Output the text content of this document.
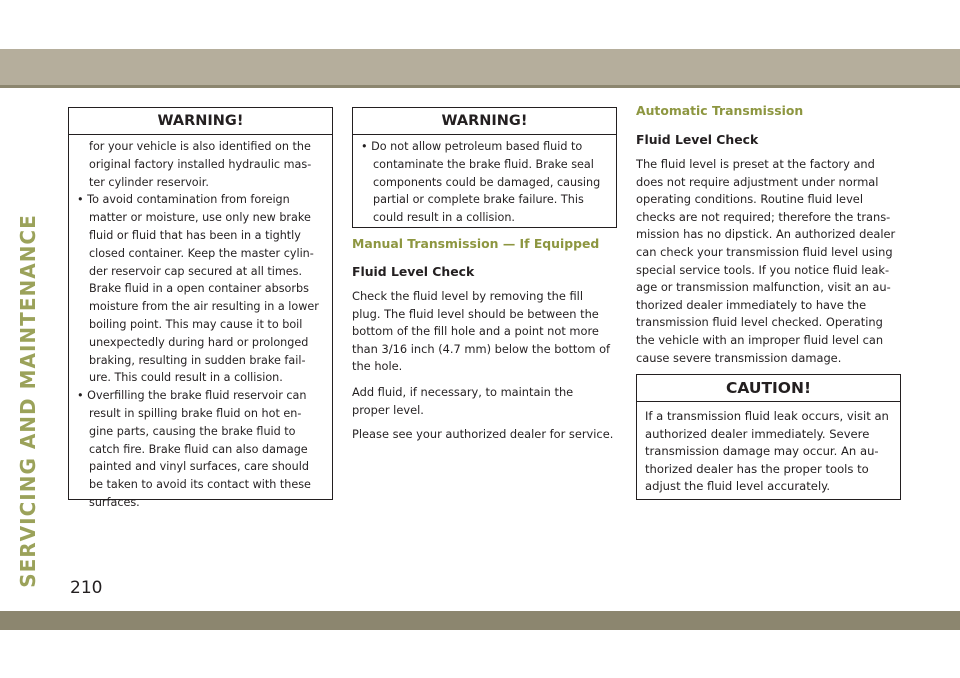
SERVICING AND MAINTENANCE
WARNING!
for your vehicle is also identified on the
original factory installed hydraulic mas-
ter cylinder reservoir.
• To avoid contamination from foreign
matter or moisture, use only new brake
fluid or fluid that has been in a tightly
closed container. Keep the master cylin-
der reservoir cap secured at all times.
Brake fluid in a open container absorbs
moisture from the air resulting in a lower
boiling point. This may cause it to boil
unexpectedly during hard or prolonged
braking, resulting in sudden brake fail-
ure. This could result in a collision.
• Overfilling the brake fluid reservoir can
result in spilling brake fluid on hot en-
gine parts, causing the brake fluid to
catch fire. Brake fluid can also damage
painted and vinyl surfaces, care should
be taken to avoid its contact with these
surfaces.
WARNING!
• Do not allow petroleum based fluid to
contaminate the brake fluid. Brake seal
components could be damaged, causing
partial or complete brake failure. This
could result in a collision.
Manual Transmission — If Equipped
Fluid Level Check
Check the fluid level by removing the fill
plug. The fluid level should be between the
bottom of the fill hole and a point not more
than 3/16 inch (4.7 mm) below the bottom of
the hole.
Add fluid, if necessary, to maintain the
proper level.
Please see your authorized dealer for service.
Automatic Transmission
Fluid Level Check
The fluid level is preset at the factory and
does not require adjustment under normal
operating conditions. Routine fluid level
checks are not required; therefore the trans-
mission has no dipstick. An authorized dealer
can check your transmission fluid level using
special service tools. If you notice fluid leak-
age or transmission malfunction, visit an au-
thorized dealer immediately to have the
transmission fluid level checked. Operating
the vehicle with an improper fluid level can
cause severe transmission damage.
CAUTION!
If a transmission fluid leak occurs, visit an
authorized dealer immediately. Severe
transmission damage may occur. An au-
thorized dealer has the proper tools to
adjust the fluid level accurately.
210
